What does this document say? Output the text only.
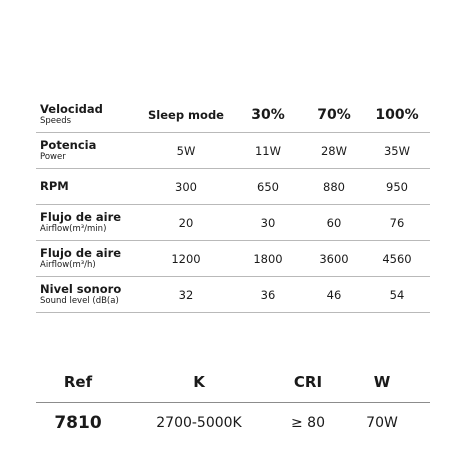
Velocidad
Speeds	Sleep mode	30%	70%	100%
Potencia
Power	5W	11W	28W	35W
RPM	300	650	880	950
Flujo de aire
Airflow(m³/min)	20	30	60	76
Flujo de aire
Airflow(m³/h)	1200	1800	3600	4560
Nivel sonoro
Sound level (dB(a)	32	36	46	54
Ref	K	CRI	W
7810	2700-5000K	≥ 80	70W
